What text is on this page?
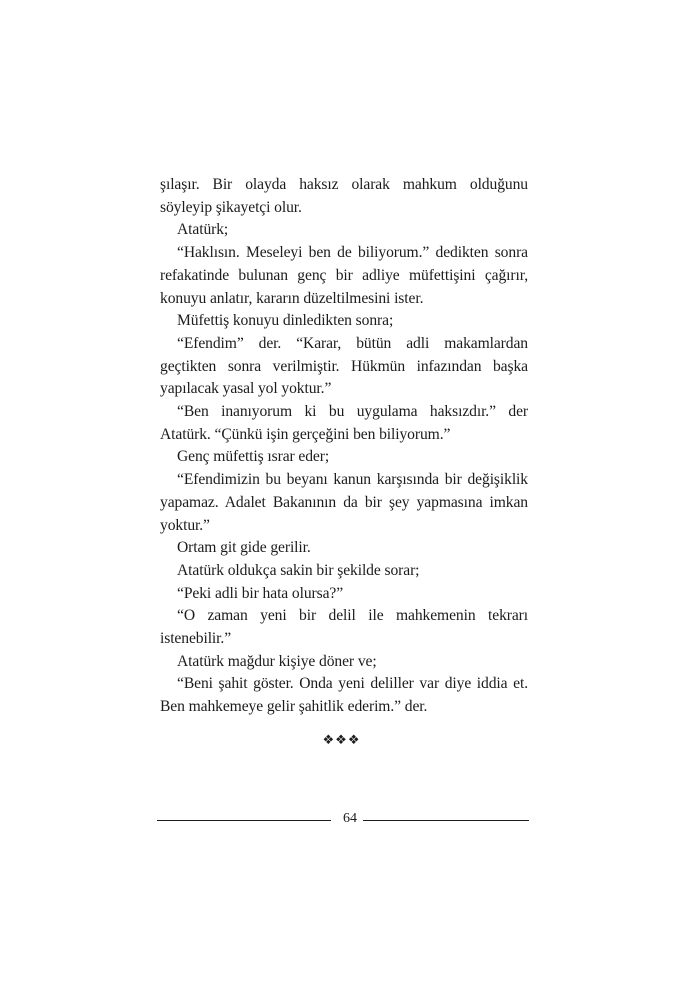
şılaşır. Bir olayda haksız olarak mahkum olduğunu söyleyip şikayetçi olur.

Atatürk;

“Haklısın. Meseleyi ben de biliyorum.” dedikten sonra refakatinde bulunan genç bir adliye müfettişini çağırır, konuyu anlatır, kararın düzeltilmesini ister.

Müfettiş konuyu dinledikten sonra;

“Efendim” der. “Karar, bütün adli makamlardan geçtikten sonra verilmiştir. Hükmün infazından başka yapılacak yasal yol yoktur.”

“Ben inanıyorum ki bu uygulama haksızdır.” der Atatürk. “Çünkü işin gerçeğini ben biliyorum.”

Genç müfettiş ısrar eder;

“Efendimizin bu beyanı kanun karşısında bir değişiklik yapamaz. Adalet Bakanının da bir şey yapmasına imkan yoktur.”

Ortam git gide gerilir.

Atatürk oldukça sakin bir şekilde sorar;

“Peki adli bir hata olursa?”

“O zaman yeni bir delil ile mahkemenin tekrarı istenebilir.”

Atatürk mağdur kişiye döner ve;

“Beni şahit göster. Onda yeni deliller var diye iddia et. Ben mahkemeye gelir şahitlik ederim.” der.

❖❖❖
64
